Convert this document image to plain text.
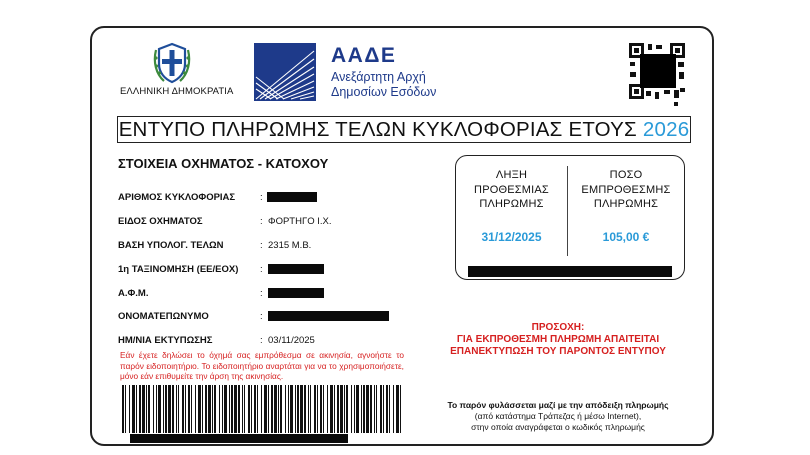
ΕΛΛΗΝΙΚΗ ΔΗΜΟΚΡΑΤΙΑ
ΑΑΔΕ
Ανεξάρτητη Αρχή
Δημοσίων Εσόδων
ΕΝΤΥΠΟ ΠΛΗΡΩΜΗΣ ΤΕΛΩΝ ΚΥΚΛΟΦΟΡΙΑΣ ΕΤΟΥΣ 2026
ΣΤΟΙΧΕΙΑ ΟΧΗΜΑΤΟΣ - ΚΑΤΟΧΟΥ
ΑΡΙΘΜΟΣ ΚΥΚΛΟΦΟΡΙΑΣ	:
ΕΙΔΟΣ ΟΧΗΜΑΤΟΣ	: ΦΟΡΤΗΓΟ Ι.Χ.
ΒΑΣΗ ΥΠΟΛΟΓ. ΤΕΛΩΝ	: 2315 Μ.Β.
1η ΤΑΞΙΝΟΜΗΣΗ (ΕΕ/ΕΟΧ) :
Α.Φ.Μ.	:
ΟΝΟΜΑΤΕΠΩΝΥΜΟ	:
ΗΜ/ΝΙΑ ΕΚΤΥΠΩΣΗΣ	: 03/11/2025
Εάν έχετε δηλώσει το όχημά σας εμπρόθεσμα σε ακινησία, αγνοήστε το παρόν ειδοποιητήριο. Το ειδοποιητήριο αναρτάται για να το χρησιμοποιήσετε, μόνο εάν επιθυμείτε την άρση της ακινησίας.
ΛΗΞΗ
ΠΡΟΘΕΣΜΙΑΣ
ΠΛΗΡΩΜΗΣ
31/12/2025
ΠΟΣΟ
ΕΜΠΡΟΘΕΣΜΗΣ
ΠΛΗΡΩΜΗΣ
105,00 €
ΠΡΟΣΟΧΗ:
ΓΙΑ ΕΚΠΡΟΘΕΣΜΗ ΠΛΗΡΩΜΗ ΑΠΑΙΤΕΙΤΑΙ
ΕΠΑΝΕΚΤΥΠΩΣΗ ΤΟΥ ΠΑΡΟΝΤΟΣ ΕΝΤΥΠΟΥ
Το παρόν φυλάσσεται μαζί με την απόδειξη πληρωμής
(από κατάστημα Τράπεζας ή μέσω Internet),
στην οποία αναγράφεται ο κωδικός πληρωμής
